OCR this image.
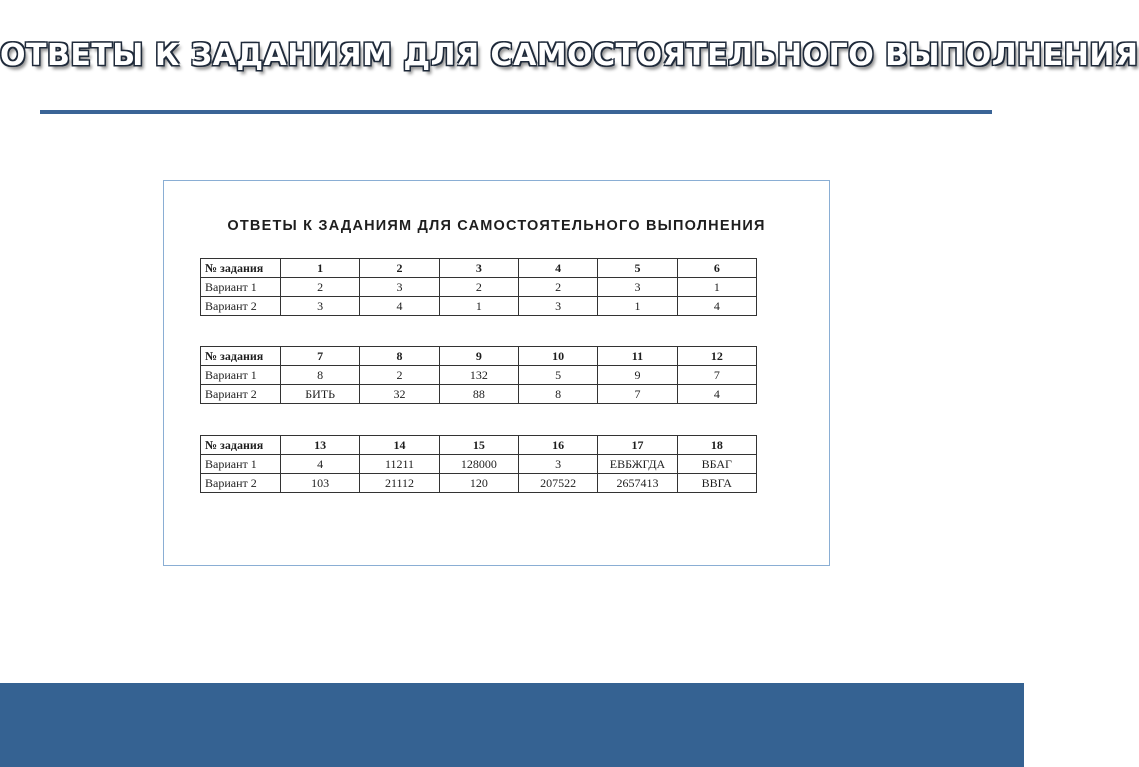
ОТВЕТЫ К ЗАДАНИЯМ ДЛЯ САМОСТОЯТЕЛЬНОГО ВЫПОЛНЕНИЯ
ОТВЕТЫ К ЗАДАНИЯМ ДЛЯ САМОСТОЯТЕЛЬНОГО ВЫПОЛНЕНИЯ
№ задания	1	2	3	4	5	6
Вариант 1	2	3	2	2	3	1
Вариант 2	3	4	1	3	1	4
№ задания	7	8	9	10	11	12
Вариант 1	8	2	132	5	9	7
Вариант 2	БИТЬ	32	88	8	7	4
№ задания	13	14	15	16	17	18
Вариант 1	4	11211	128000	3	ЕВБЖГДА	ВБАГ
Вариант 2	103	21112	120	207522	2657413	ВВГА
